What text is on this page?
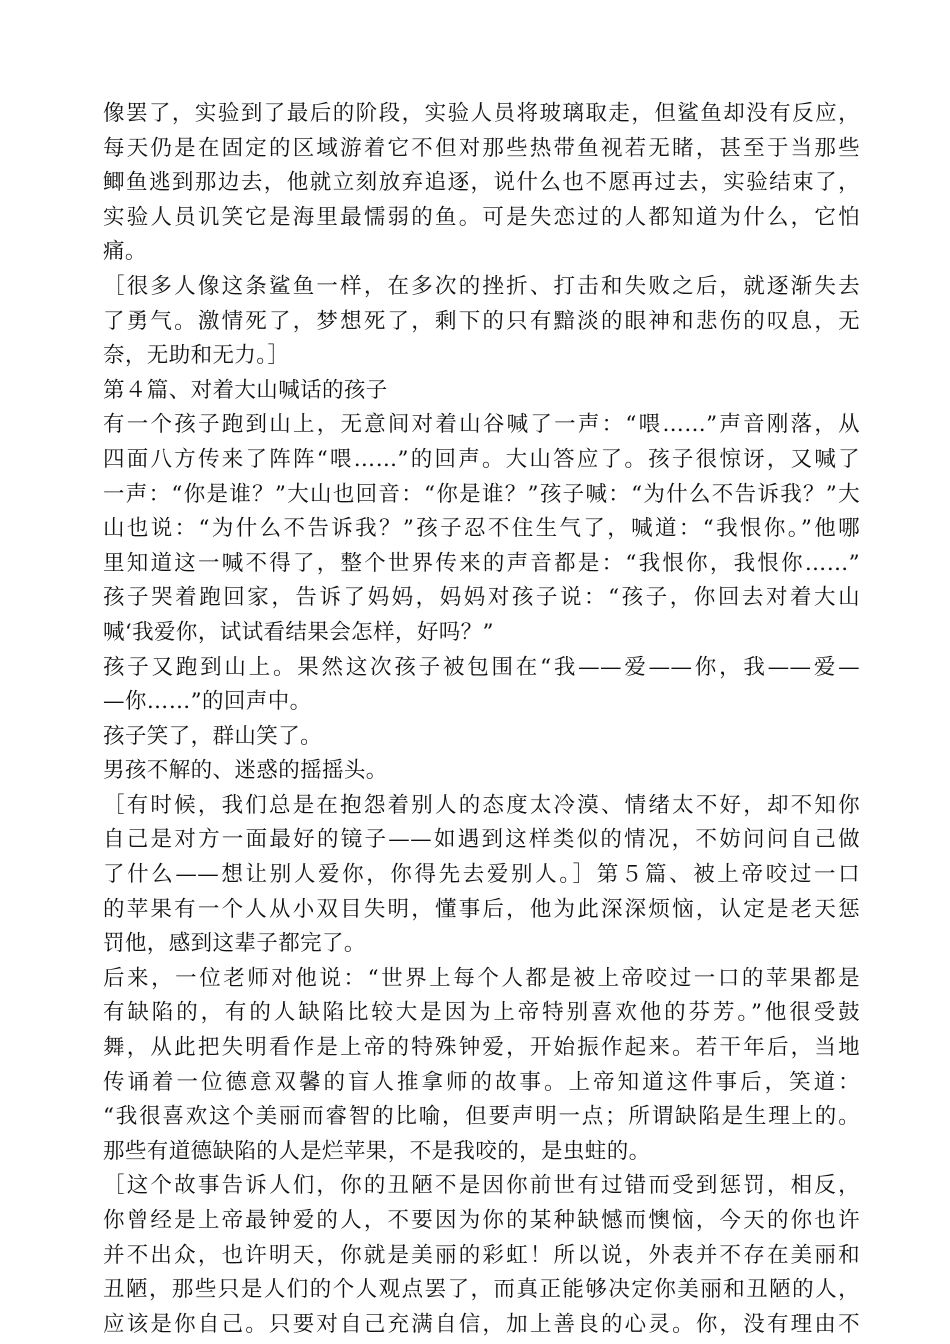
像罢了，实验到了最后的阶段，实验人员将玻璃取走，但鲨鱼却没有反应，
每天仍是在固定的区域游着它不但对那些热带鱼视若无睹，甚至于当那些
鲫鱼逃到那边去，他就立刻放弃追逐，说什么也不愿再过去，实验结束了，
实验人员讥笑它是海里最懦弱的鱼。可是失恋过的人都知道为什么，它怕
痛。
［很多人像这条鲨鱼一样，在多次的挫折、打击和失败之后，就逐渐失去
了勇气。激情死了，梦想死了，剩下的只有黯淡的眼神和悲伤的叹息，无
奈，无助和无力。］
第４篇、对着大山喊话的孩子
有一个孩子跑到山上，无意间对着山谷喊了一声：“喂……”声音刚落，从
四面八方传来了阵阵“喂……”的回声。大山答应了。孩子很惊讶，又喊了
一声：“你是谁？”大山也回音：“你是谁？”孩子喊：“为什么不告诉我？”大
山也说：“为什么不告诉我？”孩子忍不住生气了，喊道：“我恨你。”他哪
里知道这一喊不得了，整个世界传来的声音都是：“我恨你，我恨你……”
孩子哭着跑回家，告诉了妈妈，妈妈对孩子说：“孩子，你回去对着大山
喊‘我爱你，试试看结果会怎样，好吗？”
孩子又跑到山上。果然这次孩子被包围在“我——爱——你，我——爱—
—你……”的回声中。
孩子笑了，群山笑了。
男孩不解的、迷惑的摇摇头。
［有时候，我们总是在抱怨着别人的态度太冷漠、情绪太不好，却不知你
自己是对方一面最好的镜子——如遇到这样类似的情况，不妨问问自己做
了什么——想让别人爱你，你得先去爱别人。］第５篇、被上帝咬过一口
的苹果有一个人从小双目失明，懂事后，他为此深深烦恼，认定是老天惩
罚他，感到这辈子都完了。
后来，一位老师对他说：“世界上每个人都是被上帝咬过一口的苹果都是
有缺陷的，有的人缺陷比较大是因为上帝特别喜欢他的芬芳。”他很受鼓
舞，从此把失明看作是上帝的特殊钟爱，开始振作起来。若干年后，当地
传诵着一位德意双馨的盲人推拿师的故事。上帝知道这件事后，笑道：
“我很喜欢这个美丽而睿智的比喻，但要声明一点；所谓缺陷是生理上的。
那些有道德缺陷的人是烂苹果，不是我咬的，是虫蛀的。
［这个故事告诉人们，你的丑陋不是因你前世有过错而受到惩罚，相反，
你曾经是上帝最钟爱的人，不要因为你的某种缺憾而懊恼，今天的你也许
并不出众，也许明天，你就是美丽的彩虹！所以说，外表并不存在美丽和
丑陋，那些只是人们的个人观点罢了，而真正能够决定你美丽和丑陋的人，
应该是你自己。只要对自己充满自信，加上善良的心灵。你，没有理由不
